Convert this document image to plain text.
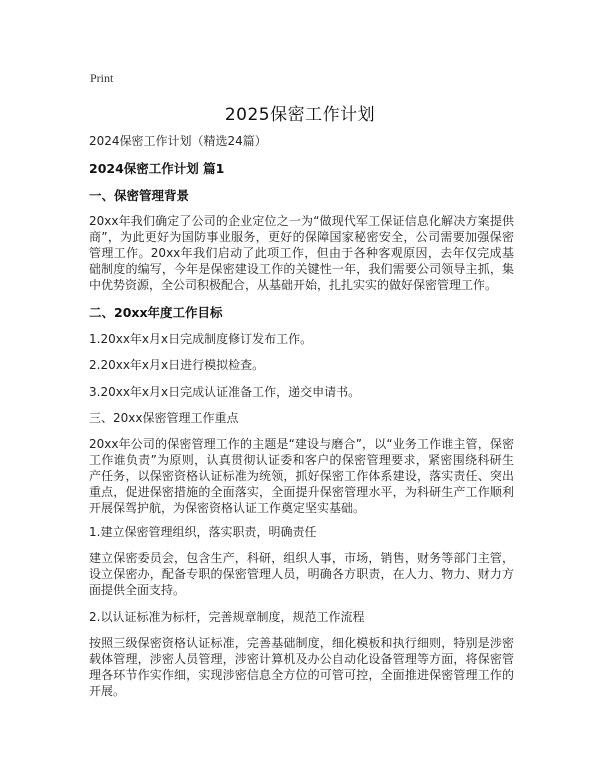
Print
2025保密工作计划
2024保密工作计划（精选24篇）
2024保密工作计划 篇1
一、保密管理背景

20xx年我们确定了公司的企业定位之一为“做现代军工保证信息化解决方案提供商”，为此更好为国防事业服务，更好的保障国家秘密安全，公司需要加强保密管理工作。20xx年我们启动了此项工作，但由于各种客观原因，去年仅完成基础制度的编写，今年是保密建设工作的关键性一年，我们需要公司领导主抓，集中优势资源，全公司积极配合，从基础开始，扎扎实实的做好保密管理工作。

二、20xx年度工作目标
1.20xx年x月x日完成制度修订发布工作。
2.20xx年x月x日进行模拟检查。
3.20xx年x月x日完成认证准备工作，递交申请书。
三、20xx保密管理工作重点

20xx年公司的保密管理工作的主题是“建设与磨合”，以“业务工作谁主管，保密工作谁负责”为原则，认真贯彻认证委和客户的保密管理要求，紧密围绕科研生产任务，以保密资格认证标准为统领，抓好保密工作体系建设，落实责任、突出重点，促进保密措施的全面落实，全面提升保密管理水平，为科研生产工作顺利开展保驾护航，为保密资格认证工作奠定坚实基础。

1.建立保密管理组织，落实职责，明确责任

建立保密委员会，包含生产，科研，组织人事，市场，销售，财务等部门主管，设立保密办，配备专职的保密管理人员，明确各方职责，在人力、物力、财力方面提供全面支持。

2.以认证标准为标杆，完善规章制度，规范工作流程

按照三级保密资格认证标准，完善基础制度，细化模板和执行细则，特别是涉密载体管理，涉密人员管理，涉密计算机及办公自动化设备管理等方面，将保密管理各环节作实作细，实现涉密信息全方位的可管可控，全面推进保密管理工作的开展。
